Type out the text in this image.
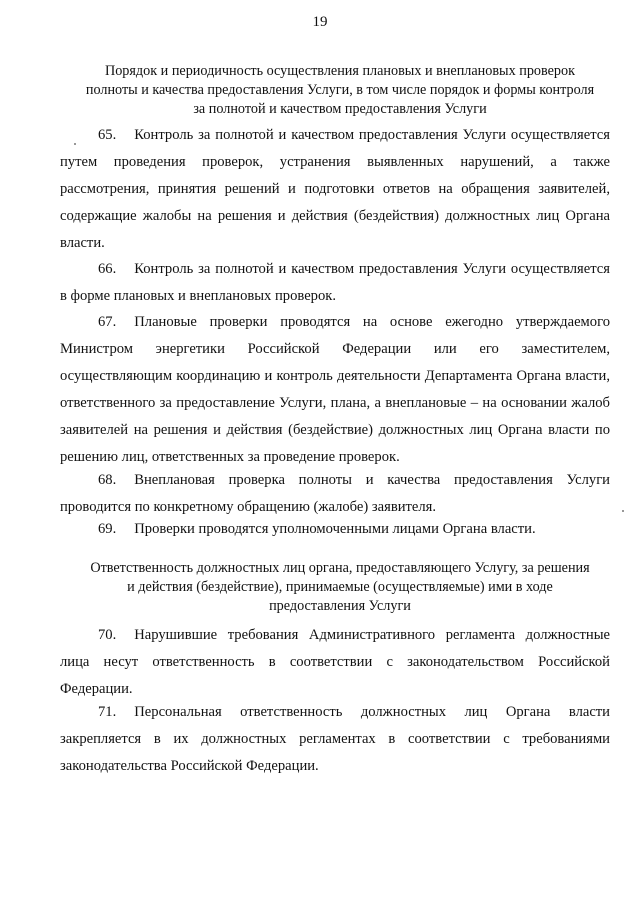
19
Порядок и периодичность осуществления плановых и внеплановых проверок
полноты и качества предоставления Услуги, в том числе порядок и формы контроля
за полнотой и качеством предоставления Услуги

65. Контроль за полнотой и качеством предоставления Услуги осуществляется путем проведения проверок, устранения выявленных нарушений, а также рассмотрения, принятия решений и подготовки ответов на обращения заявителей, содержащие жалобы на решения и действия (бездействия) должностных лиц Органа власти.

66. Контроль за полнотой и качеством предоставления Услуги осуществляется в форме плановых и внеплановых проверок.

67. Плановые проверки проводятся на основе ежегодно утверждаемого Министром энергетики Российской Федерации или его заместителем, осуществляющим координацию и контроль деятельности Департамента Органа власти, ответственного за предоставление Услуги, плана, а внеплановые – на основании жалоб заявителей на решения и действия (бездействие) должностных лиц Органа власти по решению лиц, ответственных за проведение проверок.

68. Внеплановая проверка полноты и качества предоставления Услуги проводится по конкретному обращению (жалобе) заявителя.

69. Проверки проводятся уполномоченными лицами Органа власти.

Ответственность должностных лиц органа, предоставляющего Услугу, за решения
и действия (бездействие), принимаемые (осуществляемые) ими в ходе
предоставления Услуги

70. Нарушившие требования Административного регламента должностные лица несут ответственность в соответствии с законодательством Российской Федерации.

71. Персональная ответственность должностных лиц Органа власти закрепляется в их должностных регламентах в соответствии с требованиями законодательства Российской Федерации.
